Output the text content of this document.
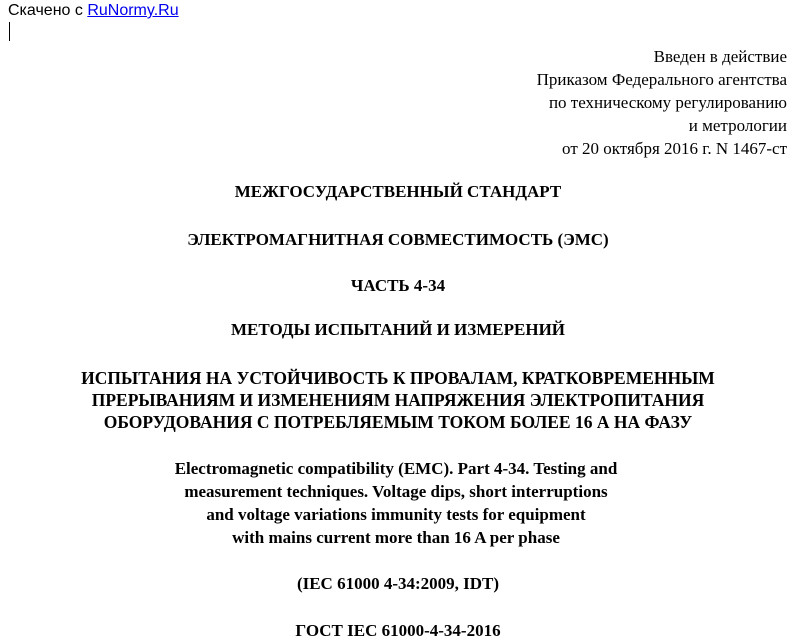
Скачено с RuNormy.Ru
Введен в действие
Приказом Федерального агентства
по техническому регулированию
и метрологии
от 20 октября 2016 г. N 1467-ст
МЕЖГОСУДАРСТВЕННЫЙ СТАНДАРТ
ЭЛЕКТРОМАГНИТНАЯ СОВМЕСТИМОСТЬ (ЭМС)
ЧАСТЬ 4-34
МЕТОДЫ ИСПЫТАНИЙ И ИЗМЕРЕНИЙ
ИСПЫТАНИЯ НА УСТОЙЧИВОСТЬ К ПРОВАЛАМ, КРАТКОВРЕМЕННЫМ
ПРЕРЫВАНИЯМ И ИЗМЕНЕНИЯМ НАПРЯЖЕНИЯ ЭЛЕКТРОПИТАНИЯ
ОБОРУДОВАНИЯ С ПОТРЕБЛЯЕМЫМ ТОКОМ БОЛЕЕ 16 А НА ФАЗУ
Electromagnetic compatibility (EMC). Part 4-34. Testing and
measurement techniques. Voltage dips, short interruptions
and voltage variations immunity tests for equipment
with mains current more than 16 A per phase
(IEC 61000 4-34:2009, IDT)
ГОСТ IEC 61000-4-34-2016
